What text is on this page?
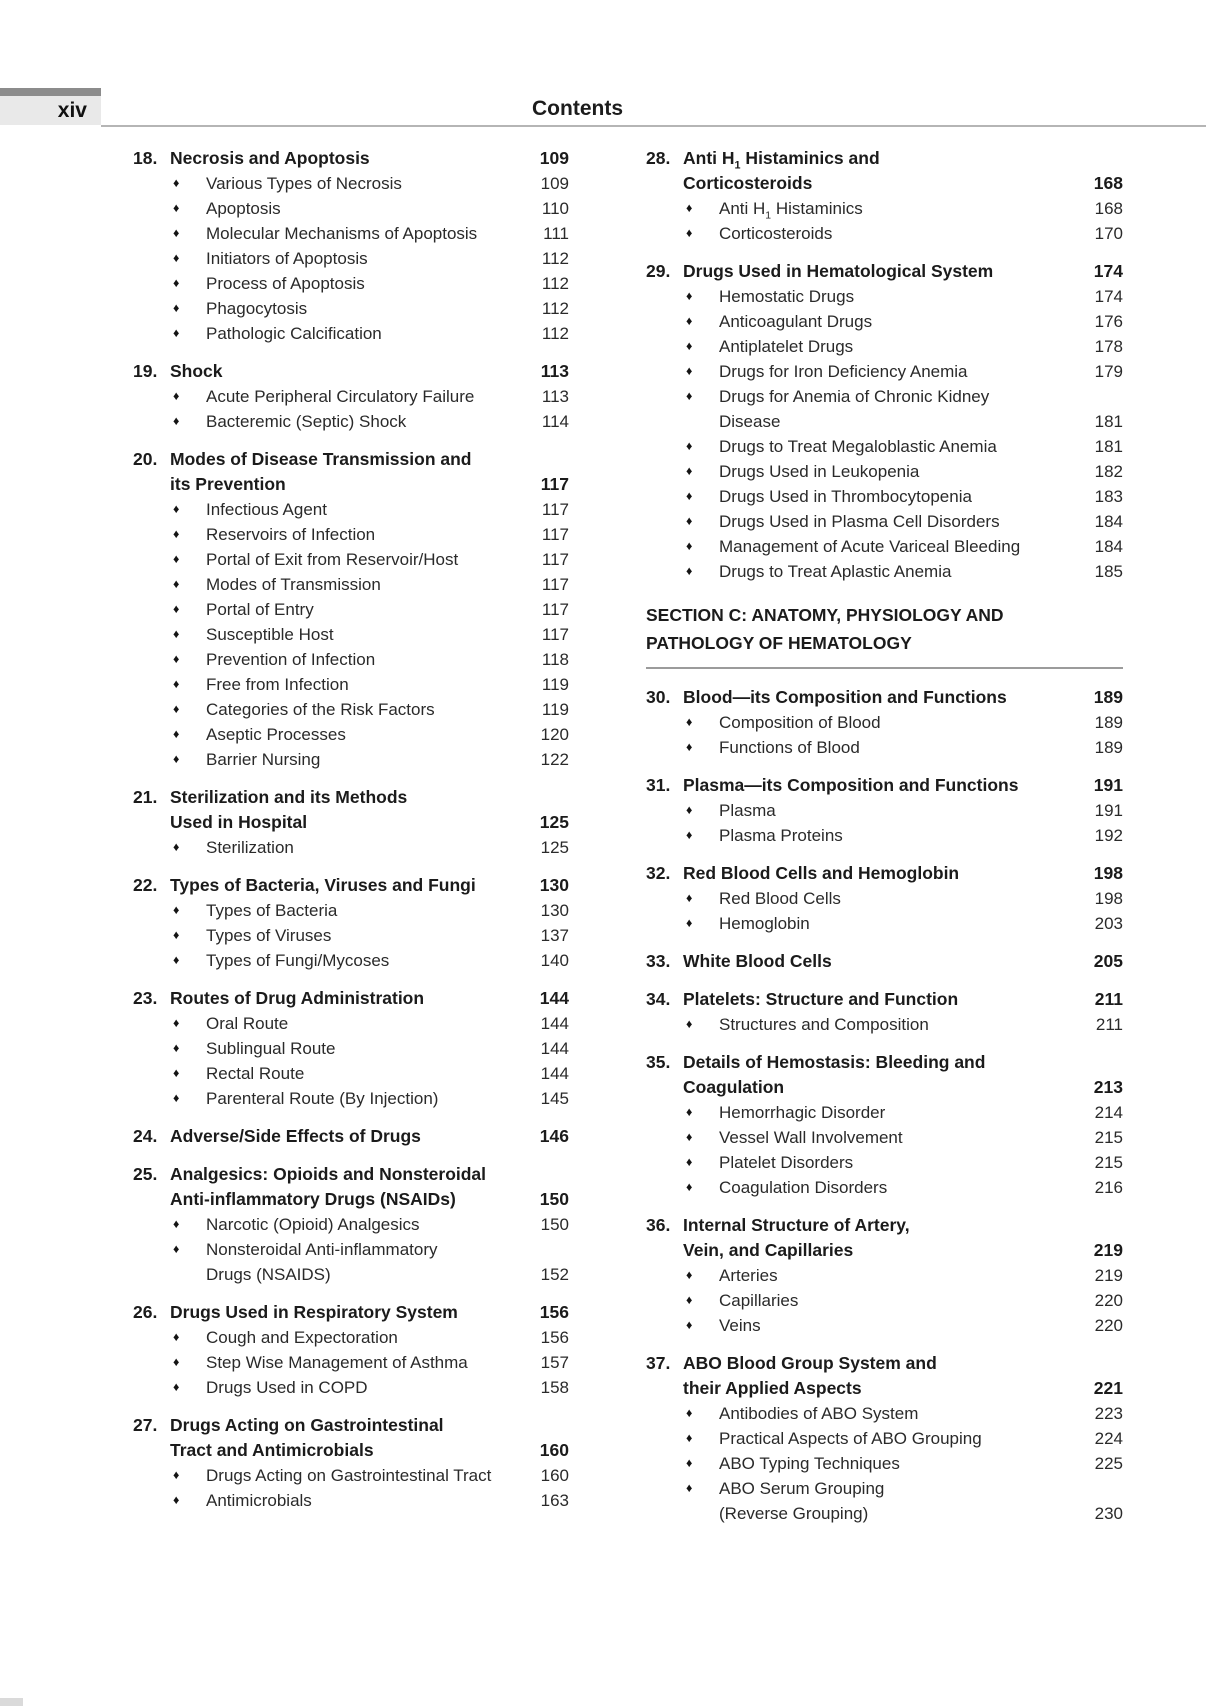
xiv	Contents
18. Necrosis and Apoptosis	109
♦	Various Types of Necrosis	109
♦	Apoptosis	110
♦	Molecular Mechanisms of Apoptosis	111
♦	Initiators of Apoptosis	112
♦	Process of Apoptosis	112
♦	Phagocytosis	112
♦	Pathologic Calcification	112
19. Shock	113
♦	Acute Peripheral Circulatory Failure	113
♦	Bacteremic (Septic) Shock	114
20. Modes of Disease Transmission and
its Prevention	117
♦	Infectious Agent	117
♦	Reservoirs of Infection	117
♦	Portal of Exit from Reservoir/Host	117
♦	Modes of Transmission	117
♦	Portal of Entry	117
♦	Susceptible Host	117
♦	Prevention of Infection	118
♦	Free from Infection	119
♦	Categories of the Risk Factors	119
♦	Aseptic Processes	120
♦	Barrier Nursing	122
21. Sterilization and its Methods
Used in Hospital	125
♦	Sterilization	125
22. Types of Bacteria, Viruses and Fungi	130
♦	Types of Bacteria	130
♦	Types of Viruses	137
♦	Types of Fungi/Mycoses	140
23. Routes of Drug Administration	144
♦	Oral Route	144
♦	Sublingual Route	144
♦	Rectal Route	144
♦	Parenteral Route (By Injection)	145
24. Adverse/Side Effects of Drugs	146
25. Analgesics: Opioids and Nonsteroidal
Anti-inflammatory Drugs (NSAIDs)	150
♦	Narcotic (Opioid) Analgesics	150
♦	Nonsteroidal Anti-inflammatory
Drugs (NSAIDS)	152
26. Drugs Used in Respiratory System	156
♦	Cough and Expectoration	156
♦	Step Wise Management of Asthma	157
♦	Drugs Used in COPD	158
27. Drugs Acting on Gastrointestinal
Tract and Antimicrobials	160
♦	Drugs Acting on Gastrointestinal Tract	160
♦	Antimicrobials	163
28. Anti $H_1$ Histaminics and
Corticosteroids	168
♦	Anti $H_1$ Histaminics	168
♦	Corticosteroids	170
29. Drugs Used in Hematological System	174
♦	Hemostatic Drugs	174
♦	Anticoagulant Drugs	176
♦	Antiplatelet Drugs	178
♦	Drugs for Iron Deficiency Anemia	179
♦	Drugs for Anemia of Chronic Kidney
Disease	181
♦	Drugs to Treat Megaloblastic Anemia	181
♦	Drugs Used in Leukopenia	182
♦	Drugs Used in Thrombocytopenia	183
♦	Drugs Used in Plasma Cell Disorders	184
♦	Management of Acute Variceal Bleeding	184
♦	Drugs to Treat Aplastic Anemia	185
SECTION C: ANATOMY, PHYSIOLOGY AND
PATHOLOGY OF HEMATOLOGY
30. Blood—its Composition and Functions	189
♦	Composition of Blood	189
♦	Functions of Blood	189
31. Plasma—its Composition and Functions	191
♦	Plasma	191
♦	Plasma Proteins	192
32. Red Blood Cells and Hemoglobin	198
♦	Red Blood Cells	198
♦	Hemoglobin	203
33. White Blood Cells	205
34. Platelets: Structure and Function	211
♦	Structures and Composition	211
35. Details of Hemostasis: Bleeding and
Coagulation	213
♦	Hemorrhagic Disorder	214
♦	Vessel Wall Involvement	215
♦	Platelet Disorders	215
♦	Coagulation Disorders	216
36. Internal Structure of Artery,
Vein, and Capillaries	219
♦	Arteries	219
♦	Capillaries	220
♦	Veins	220
37. ABO Blood Group System and
their Applied Aspects	221
♦	Antibodies of ABO System	223
♦	Practical Aspects of ABO Grouping	224
♦	ABO Typing Techniques	225
♦	ABO Serum Grouping
(Reverse Grouping)	230
